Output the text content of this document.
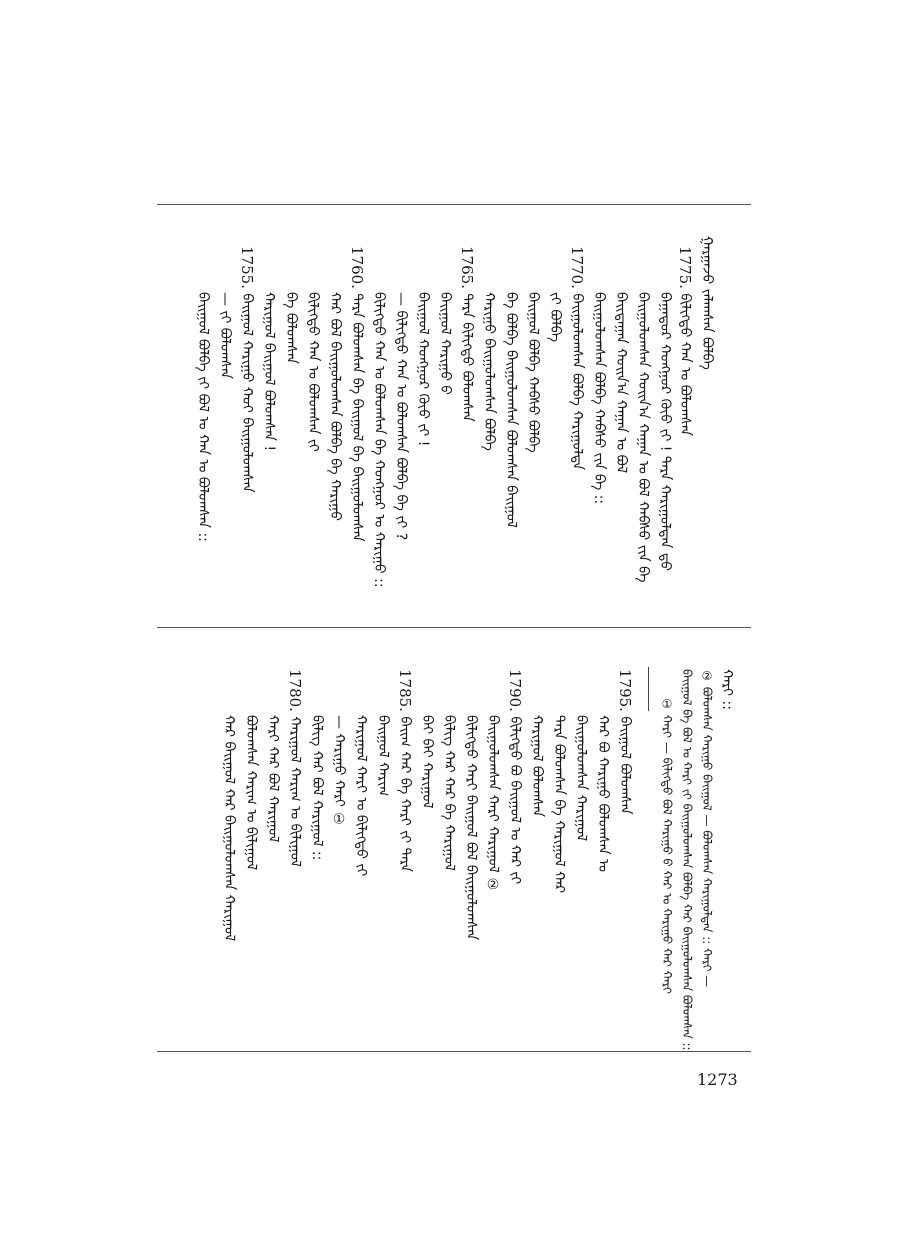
ᠭᠠᠷᠭᠠᠵᠤ ᠵᠠᠯᠠᠭᠰᠠᠨ ᠪᠣᠯᠪᠠ
1775. ᠪᠢᠯᠢᠭᠲᠦ ᠬᠠᠨ ᠤ ᠪᠣᠯᠤᠭᠰᠠᠨ
ᠪᠠᠭᠠᠲᠤᠷ ᠬᠣᠩᠭᠣᠷ ᠬᠦᠦ ᠶ᠋ᠢ ! ᠲᠡᠷᠡ ᠬᠠᠷᠢᠭᠤᠯᠲᠠᠨ ᠳ᠋ᠤ
ᠪᠠᠢᠭᠤᠯᠤᠭᠰᠠᠨ ᠬᠣᠢᠨ᠎ᠠ ᠬᠠᠭᠠᠨ ᠤ ᠪᠣᠯ ᠬᠠᠪᠰᠤ ᠶ᠋ᠢᠨ ᠪᠠ
ᠪᠠᠢᠲᠠᠭᠠᠨ ᠬᠣᠢᠨ᠎ᠠ ᠬᠠᠭᠠᠨ ᠤ ᠪᠣᠯ
ᠪᠠᠢᠭᠤᠯᠤᠭᠰᠠᠨ ᠪᠣᠯᠪᠠ ᠬᠠᠪᠰᠤ ᠶ᠋ᠢᠨ ᠪᠠ ::
1770. ᠪᠠᠢᠭᠤᠯᠤᠭᠰᠠᠨ ᠪᠣᠯᠪᠠ ᠬᠠᠷᠢᠭᠤᠯᠲᠠ
ᠶ᠋ᠢ ᠪᠣᠯᠪᠠ
ᠪᠠᠢᠭᠤᠯ ᠪᠣᠯᠪᠠ ᠬᠠᠪᠰᠤ ᠪᠣᠯᠪᠠ
ᠪᠠ ᠪᠣᠯᠪᠠ ᠪᠠᠢᠭᠤᠯᠤᠭᠰᠠᠨ ᠪᠣᠯᠤᠭᠰᠠᠨ ᠪᠠᠢᠭᠤᠯ
ᠬᠠᠷᠢᠭᠤ ᠪᠠᠢᠭᠤᠯᠤᠭᠰᠠᠨ ᠪᠣᠯᠪᠠ
1765. ᠲᠡᠷᠡ ᠪᠢᠯᠢᠭᠲᠦ ᠪᠣᠯᠤᠭᠰᠠᠨ
ᠪᠠᠢᠭᠤᠯ ᠬᠠᠷᠢᠭᠤ ᠪ
ᠪᠠᠢᠭᠤᠯ ᠬᠣᠩᠭᠣᠷ ᠬᠦᠦ ᠶ᠋ᠢ !
— ᠪᠢᠯᠢᠭᠲᠦ ᠬᠠᠨ ᠤ ᠪᠣᠯᠤᠭᠰᠠᠨ ᠪᠣᠯᠪᠠ ᠪᠠ ᠶ᠋ᠢ ?
ᠪᠢᠯᠢᠭᠲᠦ ᠬᠠᠨ ᠤ ᠪᠣᠯᠤᠭᠰᠠᠨ ᠪᠠ ᠬᠣᠩᠭᠣᠷ ᠤ ᠬᠠᠷᠢᠭᠤ ::
1760. ᠲᠡᠷᠡ ᠪᠣᠯᠤᠭᠰᠠᠨ ᠪᠠ ᠪᠠᠢᠭᠤᠯ ᠪᠠ ᠪᠠᠢᠭᠤᠯᠤᠭᠰᠠᠨ
ᠬᠠᠷ ᠪᠣᠯ ᠪᠠᠢᠭᠤᠯᠤᠭᠰᠠᠨ ᠪᠣᠯᠪᠠ ᠪᠠ ᠬᠠᠷᠢᠭᠤ
ᠪᠢᠯᠢᠭᠲᠦ ᠬᠠᠨ ᠤ ᠪᠣᠯᠤᠭᠰᠠᠨ ᠶ᠋ᠢ
ᠪᠠ ᠪᠣᠯᠤᠭᠰᠠᠨ
ᠬᠠᠷᠢᠭᠤᠯ ᠪᠠᠢᠭᠤᠯ ᠪᠣᠯᠤᠭᠰᠠᠨ !
1755. ᠪᠠᠢᠭᠤᠯ ᠬᠠᠷᠢᠭᠤ ᠬᠣᠢ ᠪᠠᠢᠭᠤᠯᠤᠭᠰᠠᠨ
— ᠶ᠋ᠢ ᠪᠣᠯᠤᠭᠰᠠᠨ
ᠪᠠᠢᠭᠤᠯ ᠪᠣᠯᠪᠠ ᠶ᠋ᠢ ᠪᠣᠯ ᠤ ᠬᠠᠨ ᠤ ᠪᠣᠯᠤᠭᠰᠠᠨ ::
ᠬᠠᠷᠢ ::
② ᠪᠣᠯᠤᠭᠰᠠᠨ ᠬᠠᠷᠢᠭᠤ ᠪᠠᠢᠭᠤᠯ — ᠪᠣᠯᠤᠭᠰᠠᠨ ᠬᠠᠷᠢᠭᠤᠯᠲᠠᠨ :: ᠬᠠᠷᠢ —
ᠪᠠᠢᠭᠤᠯ ᠪᠠ ᠪᠣᠯ ᠤ ᠬᠠᠷᠢ ᠶ᠋ᠢ ᠪᠠᠢᠭᠤᠯᠤᠭᠰᠠᠨ ᠪᠣᠯᠪᠠ ᠬᠠᠷ ᠪᠠᠢᠭᠤᠯᠤᠭᠰᠠᠨ ᠪᠣᠯᠤᠭᠰᠠᠨ ::
① ᠬᠠᠷᠢ — ᠪᠢᠯᠢᠭᠲᠦ ᠪᠣᠯ ᠬᠠᠷᠢᠭᠤ ᠪ ᠬᠠᠷ ᠤ ᠬᠠᠷᠢᠭᠤ ᠬᠠᠷ ᠬᠠᠷᠢ
1795. ᠪᠠᠢᠭᠤᠯ ᠪᠣᠯᠤᠭᠰᠠᠨ
ᠬᠠᠷ ᠪᠣ ᠬᠠᠷᠢᠭᠤ ᠪᠣᠯᠤᠭᠰᠠᠨ ᠤ
ᠪᠠᠢᠭᠤᠯᠤᠭᠰᠠᠨ ᠬᠠᠷᠢᠭᠤᠯ
ᠲᠡᠷᠡ ᠪᠣᠯᠤᠭᠰᠠᠨ ᠪᠠ ᠬᠠᠷᠢᠭᠤᠯ ᠬᠠᠷ
ᠬᠠᠷᠢᠭᠤᠯ ᠪᠣᠯᠤᠭᠰᠠᠨ
1790. ᠪᠢᠯᠢᠭᠲᠦ ᠪᠣ ᠪᠠᠢᠭᠤᠯ ᠤ ᠬᠠᠷ ᠶ᠋ᠢ
ᠪᠠᠢᠭᠤᠯᠤᠭᠰᠠᠨ ᠬᠠᠷᠢ ᠬᠠᠷᠢᠭᠤᠯ ②
ᠪᠢᠯᠢᠭᠲᠦ ᠬᠠᠷᠢ ᠪᠠᠢᠭᠤᠯ ᠪᠣᠯ ᠪᠠᠢᠭᠤᠯᠤᠭᠰᠠᠨ
ᠪᠢᠯᠢᠭ ᠬᠠᠷ ᠬᠠᠷ ᠪᠠ ᠬᠠᠷᠢᠭᠤᠯ
ᠪᠠᠢ ᠪᠠᠢ ᠬᠠᠷᠢᠭᠤᠯ
1785. ᠪᠠᠢᠭ ᠬᠠᠷ ᠪᠠ ᠬᠠᠷᠢ ᠶ᠋ᠢ ᠲᠡᠷᠡ
ᠪᠠᠢᠭᠤᠯ ᠬᠠᠷᠢᠭ
ᠬᠠᠷᠢᠭᠤᠯ ᠬᠠᠷᠢ ᠤ ᠪᠢᠯᠢᠭᠲᠦ ᠶ᠋ᠢ
— ᠬᠠᠷᠢᠭᠤ ᠬᠠᠷᠢ ①
ᠪᠢᠯᠢᠭ ᠬᠠᠷ ᠪᠣᠯ ᠬᠠᠷᠢᠭᠤᠯ ::
1780. ᠬᠠᠷᠢᠭᠤᠯ ᠬᠠᠷᠢᠭ ᠤ ᠪᠢᠯᠢᠭᠤᠯ
ᠬᠠᠷᠢ ᠬᠠᠷ ᠪᠣᠯ ᠬᠠᠷᠢᠭᠤᠯ
ᠪᠣᠯᠤᠭᠰᠠᠨ ᠬᠠᠷᠢᠭ ᠤ ᠪᠢᠯᠢᠭᠤᠯ
ᠬᠠᠷ ᠪᠠᠢᠭᠤᠯ ᠬᠠᠷ ᠪᠠᠢᠭᠤᠯᠤᠭᠰᠠᠨ ᠬᠠᠷᠢᠭᠤᠯ
1273
